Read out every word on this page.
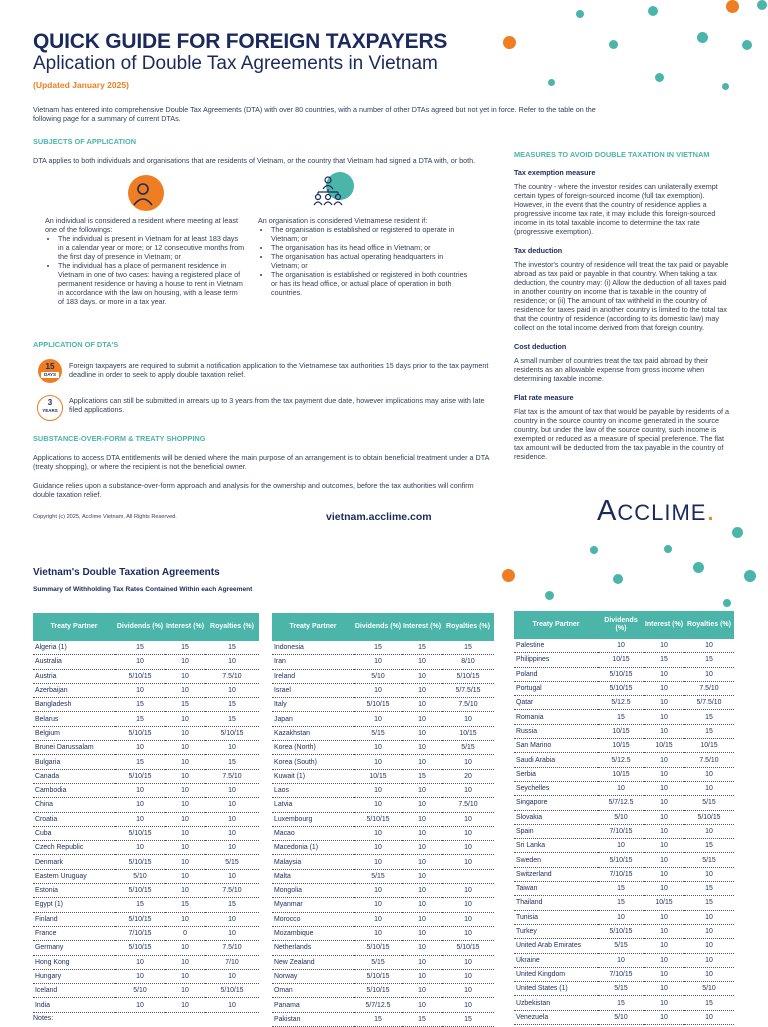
QUICK GUIDE FOR FOREIGN TAXPAYERS
Aplication of Double Tax Agreements in Vietnam
(Updated January 2025)
Vietnam has entered into comprehensive Double Tax Agreements (DTA) with over 80 countries, with a number of other DTAs agreed but not yet in force. Refer to the table on the following page for a summary of current DTAs.
SUBJECTS OF APPLICATION
DTA applies to both individuals and organisations that are residents of Vietnam, or the country that Vietnam had signed a DTA with, or both.
An individual is considered a resident where meeting at least one of the followings:
• The individual is present in Vietnam for at least 183 days in a calendar year or more; or 12 consecutive months from the first day of presence in Vietnam; or
• The individual has a place of permanent residence in Vietnam in one of two cases: having a registered place of permanent residence or having a house to rent in Vietnam in accordance with the law on housing, with a lease term of 183 days. or more in a tax year.
An organisation is considered Vietnamese resident if:
• The organisation is established or registered to operate in Vietnam; or
• The organisation has its head office in Vietnam; or
• The organisation has actual operating headquarters in Vietnam; or
• The organisation is established or registered in both countries or has its head office, or actual place of operation in both countries.
APPLICATION OF DTA'S
15
DAYS
Foreign taxpayers are required to submit a notification application to the Vietnamese tax authorities 15 days prior to the tax payment deadline in order to seek to apply double taxation relief.
3
YEARS
Applications can still be submitted in arrears up to 3 years from the tax payment due date, however implications may arise with late filed applications.
SUBSTANCE-OVER-FORM & TREATY SHOPPING
Applications to access DTA entitlements will be denied where the main purpose of an arrangement is to obtain beneficial treatment under a DTA (treaty shopping), or where the recipient is not the beneficial owner.
Guidance relies upon a substance-over-form approach and analysis for the ownership and outcomes, before the tax authorities will confirm double taxation relief.
MEASURES TO AVOID DOUBLE TAXATION IN VIETNAM
Tax exemption measure
The country - where the investor resides can unilaterally exempt certain types of foreign-sourced income (full tax exemption). However, in the event that the country of residence applies a progressive income tax rate, it may include this foreign-sourced income in its total taxable income to determine the tax rate (progressive exemption).
Tax deduction
The investor's country of residence will treat the tax paid or payable abroad as tax paid or payable in that country. When taking a tax deduction, the country may: (i) Allow the deduction of all taxes paid in another country on income that is taxable in the country of residence; or (ii) The amount of tax withheld in the country of residence for taxes paid in another country is limited to the total tax that the country of residence (according to its domestic law) may collect on the total income derived from that foreign country.
Cost deduction
A small number of countries treat the tax paid abroad by their residents as an allowable expense from gross income when determining taxable income.
Flat rate measure
Flat tax is the amount of tax that would be payable by residents of a country in the source country on income generated in the source country, but under the law of the source country, such income is exempted or reduced as a measure of special preference. The flat tax amount will be deducted from the tax payable in the country of residence.
Copyright (c) 2025, Acclime Vietnam. All Rights Reserved.	vietnam.acclime.com	ACCLIME.
Vietnam's Double Taxation Agreements
Summary of Withholding Tax Rates Contained Within each Agreement
Treaty Partner	Dividends (%)	Interest (%)	Royalties (%)
Algeria (1)	15	15	15
Australia	10	10	10
Austria	5/10/15	10	7.5/10
Azerbaijan	10	10	10
Bangladesh	15	15	15
Belarus	15	10	15
Belgium	5/10/15	10	5/10/15
Brunei Darussalam	10	10	10
Bulgaria	15	10	15
Canada	5/10/15	10	7.5/10
Cambodia	10	10	10
China	10	10	10
Croatia	10	10	10
Cuba	5/10/15	10	10
Czech Republic	10	10	10
Denmark	5/10/15	10	5/15
Eastern Uruguay	5/10	10	10
Estonia	5/10/15	10	7.5/10
Egypt (1)	15	15	15
Finland	5/10/15	10	10
France	7/10/15	0	10
Germany	5/10/15	10	7.5/10
Hong Kong	10	10	7/10
Hungary	10	10	10
Iceland	5/10	10	5/10/15
India	10	10	10
Treaty Partner	Dividends (%)	Interest (%)	Royalties (%)
Indonesia	15	15	15
Iran	10	10	8/10
Ireland	5/10	10	5/10/15
Israel	10	10	5/7.5/15
Italy	5/10/15	10	7.5/10
Japan	10	10	10
Kazakhstan	5/15	10	10/15
Korea (North)	10	10	5/15
Korea (South)	10	10	10
Kuwait (1)	10/15	15	20
Laos	10	10	10
Latvia	10	10	7.5/10
Luxembourg	5/10/15	10	10
Macao	10	10	10
Macedonia (1)	10	10	10
Malaysia	10	10	10
Malta	5/15	10	
Mongolia	10	10	10
Myanmar	10	10	10
Morocco	10	10	10
Mozambique	10	10	10
Netherlands	5/10/15	10	5/10/15
New Zealand	5/15	10	10
Norway	5/10/15	10	10
Oman	5/10/15	10	10
Panama	5/7/12.5	10	10
Pakistan	15	15	15
Treaty Partner	Dividends (%)	Interest (%)	Royalties (%)
Palestine	10	10	10
Philippines	10/15	15	15
Poland	5/10/15	10	10
Portugal	5/10/15	10	7.5/10
Qatar	5/12.5	10	5/7.5/10
Romania	15	10	15
Russia	10/15	10	15
San Marino	10/15	10/15	10/15
Saudi Arabia	5/12.5	10	7.5/10
Serbia	10/15	10	10
Seychelles	10	10	10
Singapore	5/7/12.5	10	5/15
Slovakia	5/10	10	5/10/15
Spain	7/10/15	10	10
Sri Lanka	10	10	15
Sweden	5/10/15	10	5/15
Switzerland	7/10/15	10	10
Taiwan	15	10	15
Thailand	15	10/15	15
Tunisia	10	10	10
Turkey	5/10/15	10	10
United Arab Emirates	5/15	10	10
Ukraine	10	10	10
United Kingdom	7/10/15	10	10
United States (1)	5/15	10	5/10
Uzbekistan	15	10	15
Venezuela	5/10	10	10
Notes:
